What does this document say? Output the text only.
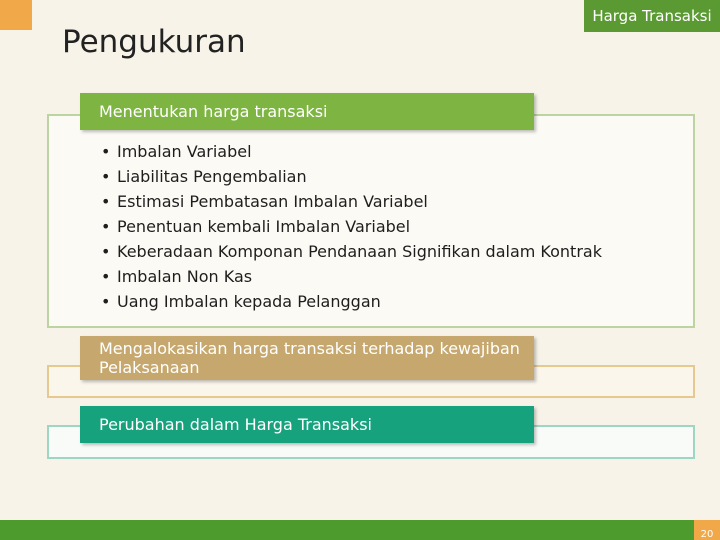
Harga Transaksi
Pengukuran
Menentukan harga transaksi
• Imbalan Variabel
• Liabilitas Pengembalian
• Estimasi Pembatasan Imbalan Variabel
• Penentuan kembali Imbalan Variabel
• Keberadaan Komponan Pendanaan Signifikan dalam Kontrak
• Imbalan Non Kas
• Uang Imbalan kepada Pelanggan
Mengalokasikan harga transaksi terhadap kewajiban Pelaksanaan
Perubahan dalam Harga Transaksi
20
